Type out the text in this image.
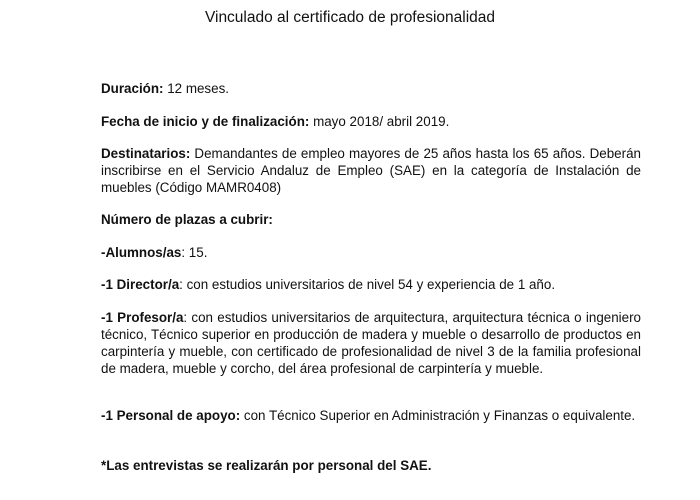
Vinculado al certificado de profesionalidad
Duración: 12 meses.
Fecha de inicio y de finalización: mayo 2018/ abril 2019.
Destinatarios: Demandantes de empleo mayores de 25 años hasta los 65 años. Deberán inscribirse en el Servicio Andaluz de Empleo (SAE) en la categoría de Instalación de muebles (Código MAMR0408)
Número de plazas a cubrir:
-Alumnos/as: 15.
-1 Director/a: con estudios universitarios de nivel 54 y experiencia de 1 año.
-1 Profesor/a: con estudios universitarios de arquitectura, arquitectura técnica o ingeniero técnico, Técnico superior en producción de madera y mueble o desarrollo de productos en carpintería y mueble, con certificado de profesionalidad de nivel 3 de la familia profesional de madera, mueble y corcho, del área profesional de carpintería y mueble.
-1 Personal de apoyo: con Técnico Superior en Administración y Finanzas o equivalente.
*Las entrevistas se realizarán por personal del SAE.
